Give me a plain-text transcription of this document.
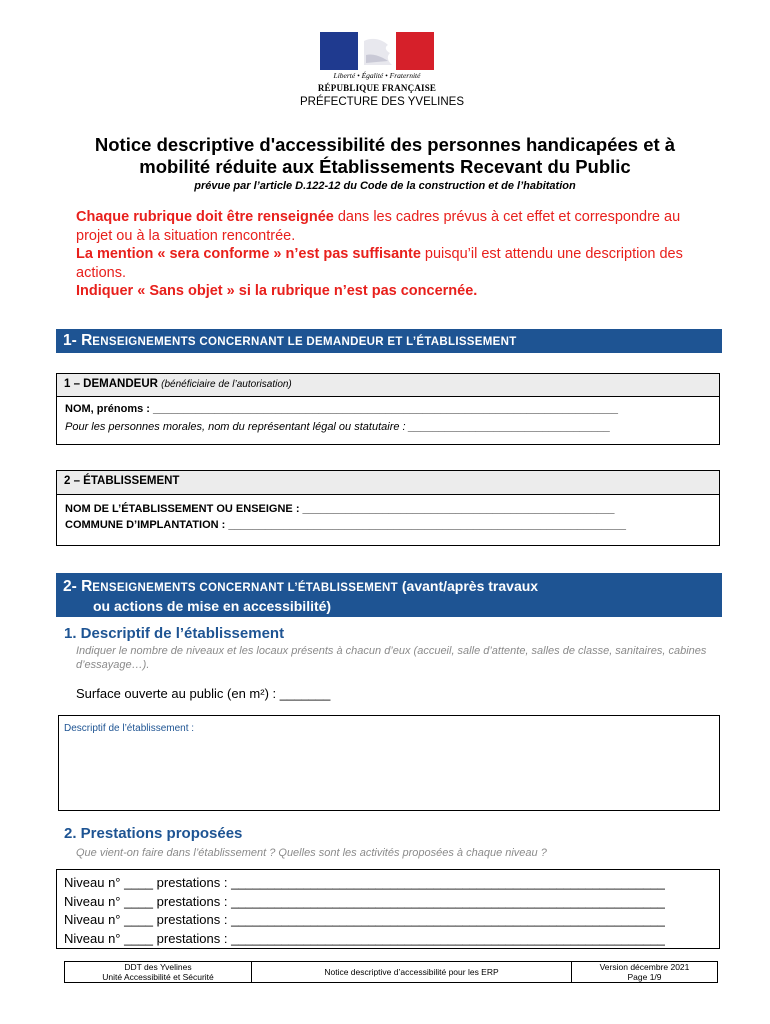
Liberté • Égalité • Fraternité
RÉPUBLIQUE FRANÇAISE
PRÉFECTURE DES YVELINES
Notice descriptive d'accessibilité des personnes handicapées et à
mobilité réduite aux Établissements Recevant du Public
prévue par l’article D.122-12 du Code de la construction et de l’habitation
Chaque rubrique doit être renseignée dans les cadres prévus à cet effet et correspondre au projet ou à la situation rencontrée.
La mention « sera conforme » n’est pas suffisante puisqu’il est attendu une description des actions.
Indiquer « Sans objet » si la rubrique n’est pas concernée.
1- RENSEIGNEMENTS CONCERNANT LE DEMANDEUR ET L’ÉTABLISSEMENT
1 – DEMANDEUR (bénéficiaire de l’autorisation)
NOM, prénoms : ____________________________________________________________________________
Pour les personnes morales, nom du représentant légal ou statutaire : _________________________________
2 – ÉTABLISSEMENT
NOM DE L’ÉTABLISSEMENT OU ENSEIGNE : ___________________________________________________
COMMUNE D’IMPLANTATION : _________________________________________________________________
2- RENSEIGNEMENTS CONCERNANT L’ÉTABLISSEMENT (avant/après travaux
ou actions de mise en accessibilité)
1. Descriptif de l’établissement
Indiquer le nombre de niveaux et les locaux présents à chacun d’eux (accueil, salle d’attente, salles de classe, sanitaires, cabines d’essayage…).
Surface ouverte au public (en m²) : _______
Descriptif de l’établissement :
2. Prestations proposées
Que vient-on faire dans l’établissement ? Quelles sont les activités proposées à chaque niveau ?
Niveau n° ____ prestations : ____________________________________________________________
Niveau n° ____ prestations : ____________________________________________________________
Niveau n° ____ prestations : ____________________________________________________________
Niveau n° ____ prestations : ____________________________________________________________
DDT des Yvelines
Unité Accessibilité et Sécurité	Notice descriptive d’accessibilité pour les ERP	Version décembre 2021
Page 1/9
